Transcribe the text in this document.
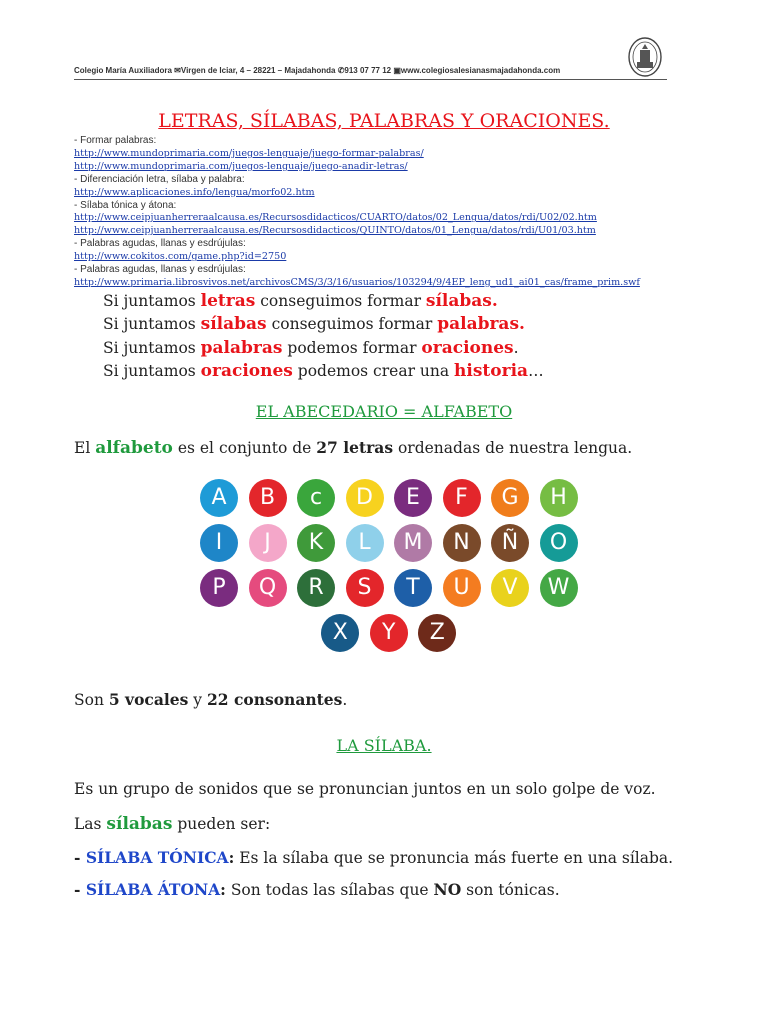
Colegio María Auxiliadora ✉Virgen de Iciar, 4 – 28221 – Majadahonda ✆913 07 77 12 ▣www.colegiosalesianasmajadahonda.com
LETRAS, SÍLABAS, PALABRAS Y ORACIONES.
- Formar palabras:
http://www.mundoprimaria.com/juegos-lenguaje/juego-formar-palabras/
http://www.mundoprimaria.com/juegos-lenguaje/juego-anadir-letras/
- Diferenciación letra, sílaba y palabra:
http://www.aplicaciones.info/lengua/morfo02.htm
- Sílaba tónica y átona:
http://www.ceipjuanherreraalcausa.es/Recursosdidacticos/CUARTO/datos/02_Lengua/datos/rdi/U02/02.htm
http://www.ceipjuanherreraalcausa.es/Recursosdidacticos/QUINTO/datos/01_Lengua/datos/rdi/U01/03.htm
- Palabras agudas, llanas y esdrújulas:
http://www.cokitos.com/game.php?id=2750
- Palabras agudas, llanas y esdrújulas:
http://www.primaria.librosvivos.net/archivosCMS/3/3/16/usuarios/103294/9/4EP_leng_ud1_ai01_cas/frame_prim.swf
Si juntamos letras conseguimos formar sílabas.
Si juntamos sílabas conseguimos formar palabras.
Si juntamos palabras podemos formar oraciones.
Si juntamos oraciones podemos crear una historia…
EL ABECEDARIO = ALFABETO
El alfabeto es el conjunto de 27 letras ordenadas de nuestra lengua.
A	B	c	D	E	F	G	H
I	J	K	L	M	N	Ñ	O
P	Q	R	S	T	U	V	W
X	Y	Z
Son 5 vocales y 22 consonantes.
LA SÍLABA.
Es un grupo de sonidos que se pronuncian juntos en un solo golpe de voz.
Las sílabas pueden ser:
- SÍLABA TÓNICA: Es la sílaba que se pronuncia más fuerte en una sílaba.
- SÍLABA ÁTONA: Son todas las sílabas que NO son tónicas.
